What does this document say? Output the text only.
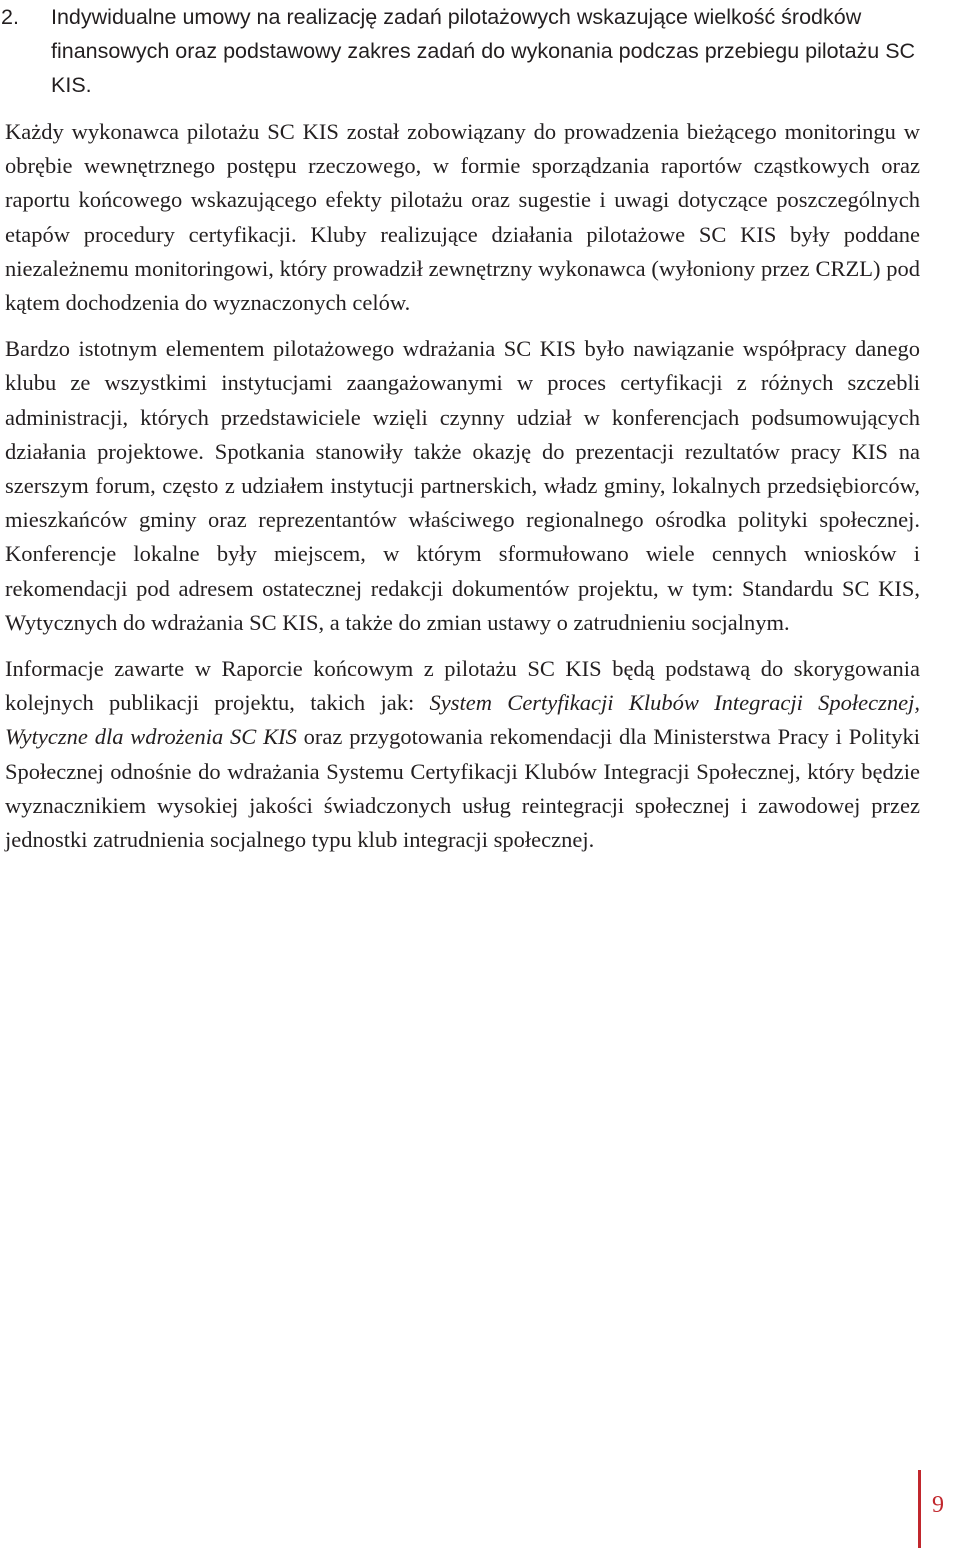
2. Indywidualne umowy na realizację zadań pilotażowych wskazujące wielkość środków finansowych oraz podstawowy zakres zadań do wykonania podczas przebiegu pilotażu SC KIS.

Każdy wykonawca pilotażu SC KIS został zobowiązany do prowadzenia bieżącego monitoringu w obrębie wewnętrznego postępu rzeczowego, w formie sporządzania raportów cząstkowych oraz raportu końcowego wskazującego efekty pilotażu oraz sugestie i uwagi dotyczące poszczególnych etapów procedury certyfikacji. Kluby realizujące działania pilotażowe SC KIS były poddane niezależnemu monitoringowi, który prowadził zewnętrzny wykonawca (wyłoniony przez CRZL) pod kątem dochodzenia do wyznaczonych celów.

Bardzo istotnym elementem pilotażowego wdrażania SC KIS było nawiązanie współpracy danego klubu ze wszystkimi instytucjami zaangażowanymi w proces certyfikacji z różnych szczebli administracji, których przedstawiciele wzięli czynny udział w konferencjach podsumowujących działania projektowe. Spotkania stanowiły także okazję do prezentacji rezultatów pracy KIS na szerszym forum, często z udziałem instytucji partnerskich, władz gminy, lokalnych przedsiębiorców, mieszkańców gminy oraz reprezentantów właściwego regionalnego ośrodka polityki społecznej. Konferencje lokalne były miejscem, w którym sformułowano wiele cennych wniosków i rekomendacji pod adresem ostatecznej redakcji dokumentów projektu, w tym: Standardu SC KIS, Wytycznych do wdrażania SC KIS, a także do zmian ustawy o zatrudnieniu socjalnym.

Informacje zawarte w Raporcie końcowym z pilotażu SC KIS będą podstawą do skorygowania kolejnych publikacji projektu, takich jak: System Certyfikacji Klubów Integracji Społecznej, Wytyczne dla wdrożenia SC KIS oraz przygotowania rekomendacji dla Ministerstwa Pracy i Polityki Społecznej odnośnie do wdrażania Systemu Certyfikacji Klubów Integracji Społecznej, który będzie wyznacznikiem wysokiej jakości świadczonych usług reintegracji społecznej i zawodowej przez jednostki zatrudnienia socjalnego typu klub integracji społecznej.

9
